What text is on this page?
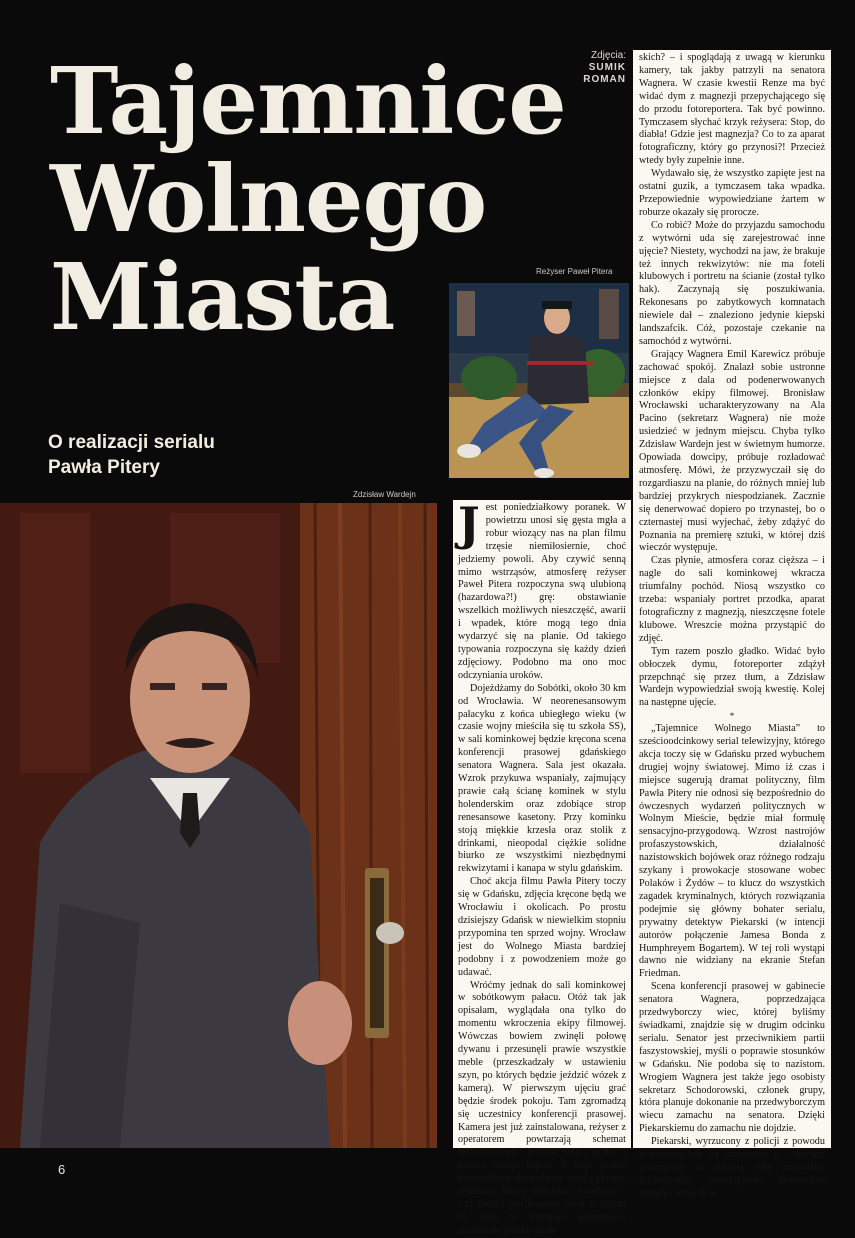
Tajemnice
Wolnego
Miasta
O realizacji serialu
Pawła Pitery
Zdjęcia:
SUMIK
ROMAN
Reżyser Paweł Pitera
Zdzisław Wardejn
J est poniedziałkowy poranek. W powietrzu unosi się gęsta mgła a robur wiozący nas na plan filmu trzęsie niemiłosiernie, choć jedziemy powoli. Aby czywić senną mimo wstrząsów, atmosferę reżyser Paweł Pitera rozpoczyna swą ulubioną (hazardowa?!) grę: obstawianie wszelkich możliwych nieszczęść, awarii i wpadek, które mogą tego dnia wydarzyć się na planie. Od takiego typowania rozpoczyna się każdy dzień zdjęciowy. Podobno ma ono moc odczyniania uroków.

Dojeżdżamy do Sobótki, około 30 km od Wrocławia. W neorenesansowym pałacyku z końca ubiegłego wieku (w czasie wojny mieściła się tu szkoła SS), w sali kominkowej będzie kręcona scena konferencji prasowej gdańskiego senatora Wagnera. Sala jest okazała. Wzrok przykuwa wspaniały, zajmujący prawie całą ścianę kominek w stylu holenderskim oraz zdobiące strop renesansowe kasetony. Przy kominku stoją miękkie krzesła oraz stolik z drinkami, nieopodal ciężkie solidne biurko ze wszystkimi niezbędnymi rekwizytami i kanapa w stylu gdańskim.

Choć akcja filmu Pawła Pitery toczy się w Gdańsku, zdjęcia kręcone będą we Wrocławiu i okolicach. Po prostu dzisiejszy Gdańsk w niewielkim stopniu przypomina ten sprzed wojny. Wrocław jest do Wolnego Miasta bardziej podobny i z powodzeniem może go udawać.

Wróćmy jednak do sali kominkowej w sobótkowym pałacu. Otóż tak jak opisałam, wyglądała ona tylko do momentu wkroczenia ekipy filmowej. Wówczas bowiem zwinęli połowę dywanu i przesunęli prawie wszystkie meble (przeszkadzały w ustawieniu szyn, po których będzie jeździć wózek z kamerą). W pierwszym ujęciu grać będzie środek pokoju. Tam zgromadzą się uczestnicy konferencji prasowej. Kamera jest już zainstalowana, reżyser z operatorem powtarzają schemat inscenizacyjny, jeszcze tylko próba i można zacząć kręcić. A więc próba: dziennikarze skrupulatnie notują pytanie redaktora Renze (Zdzisław Wardejn) – Czy uważa pan budowę portu w Gdyni za krok w kierunku polepszenia stosunków polsko-gdań-

skich? – i spoglądają z uwagą w kierunku kamery, tak jakby patrzyli na senatora Wagnera. W czasie kwestii Renze ma być widać dym z magnezji przepychającego się do przodu fotoreportera. Tak być powinno. Tymczasem słychać krzyk reżysera: Stop, do diabła! Gdzie jest magnezja? Co to za aparat fotograficzny, który go przynosi?! Przecież wtedy były zupełnie inne.

Wydawało się, że wszystko zapięte jest na ostatni guzik, a tymczasem taka wpadka. Przepowiednie wypowiedziane żartem w roburze okazały się prorocze.

Co robić? Może do przyjazdu samochodu z wytwórni uda się zarejestrować inne ujęcie? Niestety, wychodzi na jaw, że brakuje też innych rekwizytów: nie ma foteli klubowych i portretu na ścianie (został tylko hak). Zaczynają się poszukiwania. Rekonesans po zabytkowych komnatach niewiele dał – znaleziono jedynie kiepski landszafcik. Cóż, pozostaje czekanie na samochód z wytwórni.

Grający Wagnera Emil Karewicz próbuje zachować spokój. Znalazł sobie ustronne miejsce z dala od podenerwowanych członków ekipy filmowej. Bronisław Wrocławski ucharakteryzowany na Ala Pacino (sekretarz Wagnera) nie może usiedzieć w jednym miejscu. Chyba tylko Zdzisław Wardejn jest w świetnym humorze. Opowiada dowcipy, próbuje rozładować atmosferę. Mówi, że przyzwyczaił się do rozgardiaszu na planie, do różnych mniej lub bardziej przykrych niespodzianek. Zacznie się denerwować dopiero po trzynastej, bo o czternastej musi wyjechać, żeby zdążyć do Poznania na premierę sztuki, w której dziś wieczór występuje.

Czas płynie, atmosfera coraz cięższa – i nagle do sali kominkowej wkracza triumfalny pochód. Niosą wszystko co trzeba: wspaniały portret przodka, aparat fotograficzny z magnezją, nieszczęsne fotele klubowe. Wreszcie można przystąpić do zdjęć.

Tym razem poszło gładko. Widać było obłoczek dymu, fotoreporter zdążył przepchnąć się przez tłum, a Zdzisław Wardejn wypowiedział swoją kwestię. Kolej na następne ujęcie.

*

„Tajemnice Wolnego Miasta” to sześcioodcinkowy serial telewizyjny, którego akcja toczy się w Gdańsku przed wybuchem drugiej wojny światowej. Mimo iż czas i miejsce sugerują dramat polityczny, film Pawła Pitery nie odnosi się bezpośrednio do ówczesnych wydarzeń politycznych w Wolnym Mieście, będzie miał formułę sensacyjno-przygodową. Wzrost nastrojów profaszystowskich, działalność nazistowskich bojówek oraz różnego rodzaju szykany i prowokacje stosowane wobec Polaków i Żydów – to klucz do wszystkich zagadek kryminalnych, których rozwiązania podejmie się główny bohater serialu, prywatny detektyw Piekarski (w intencji autorów połączenie Jamesa Bonda z Humphreyem Bogartem). W tej roli wystąpi dawno nie widziany na ekranie Stefan Friedman.

Scena konferencji prasowej w gabinecie senatora Wagnera, poprzedzająca przedwyborczy wiec, której byliśmy świadkami, znajdzie się w drugim odcinku serialu. Senator jest przeciwnikiem partii faszystowskiej, myśli o poprawie stosunków w Gdańsku. Nie podoba się to nazistom. Wrogiem Wagnera jest także jego osobisty sekretarz Schodorowski, członek grupy, która planuje dokonanie na przedwyborczym wiecu zamachu na senatora. Dzięki Piekarskiemu do zamachu nie dojdzie.

Piekarski, wyrzucony z policji z powodu pogarszających się stosunków w Gdańsku, postanawia na własną rękę prowadzić dochodzenia, rozwiązywać kryminalne zagadki, których w

6
